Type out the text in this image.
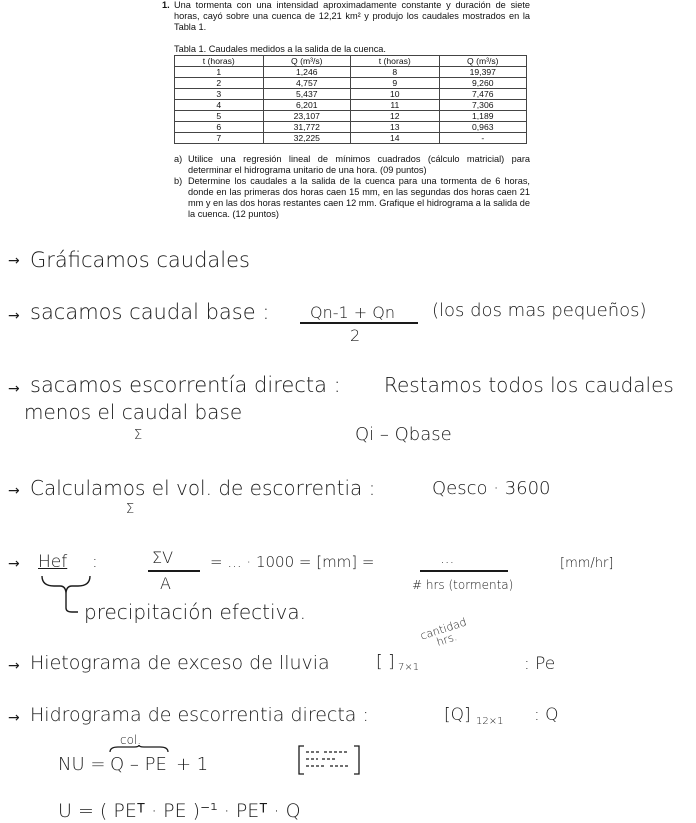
1. Una tormenta con una intensidad aproximadamente constante y duración de siete horas, cayó sobre una cuenca de 12,21 km² y produjo los caudales mostrados en la Tabla 1.

Tabla 1. Caudales medidos a la salida de la cuenca.

t (horas)	Q (m³/s)	t (horas)	Q (m³/s)
1	1,246	8	19,397
2	4,757	9	9,260
3	5,437	10	7,476
4	6,201	11	7,306
5	23,107	12	1,189
6	31,772	13	0,963
7	32,225	14	-
a) Utilice una regresión lineal de mínimos cuadrados (cálculo matricial) para determinar el hidrograma unitario de una hora. (09 puntos)
b) Determine los caudales a la salida de la cuenca para una tormenta de 6 horas, donde en las primeras dos horas caen 15 mm, en las segundas dos horas caen 21 mm y en las dos horas restantes caen 12 mm. Grafique el hidrograma a la salida de la cuenca. (12 puntos)
→ Gráficamos caudales
→ sacamos caudal base :	Qn-1 + Qn
2
(los dos mas pequeños)
→ sacamos escorrentía directa : Restamos todos los caudales
menos el caudal base
Σ	Qi – Qbase
→ Calculamos el vol. de escorrentia :	Qesco · 3600
Σ
→ Hef :	ΣV
A
= ... · 1000 = [mm] =	...
# hrs (tormenta)
[mm/hr]
precipitación efectiva.
→ Hietograma de exceso de lluvia	[ ] 7×1
cantidad hrs.
: Pe
→ Hidrograma de escorrentia directa :	[Q] 12×1 : Q
NU =
col.
Q – PE + 1
U = ( PEᵀ · PE )⁻¹ · PEᵀ · Q
